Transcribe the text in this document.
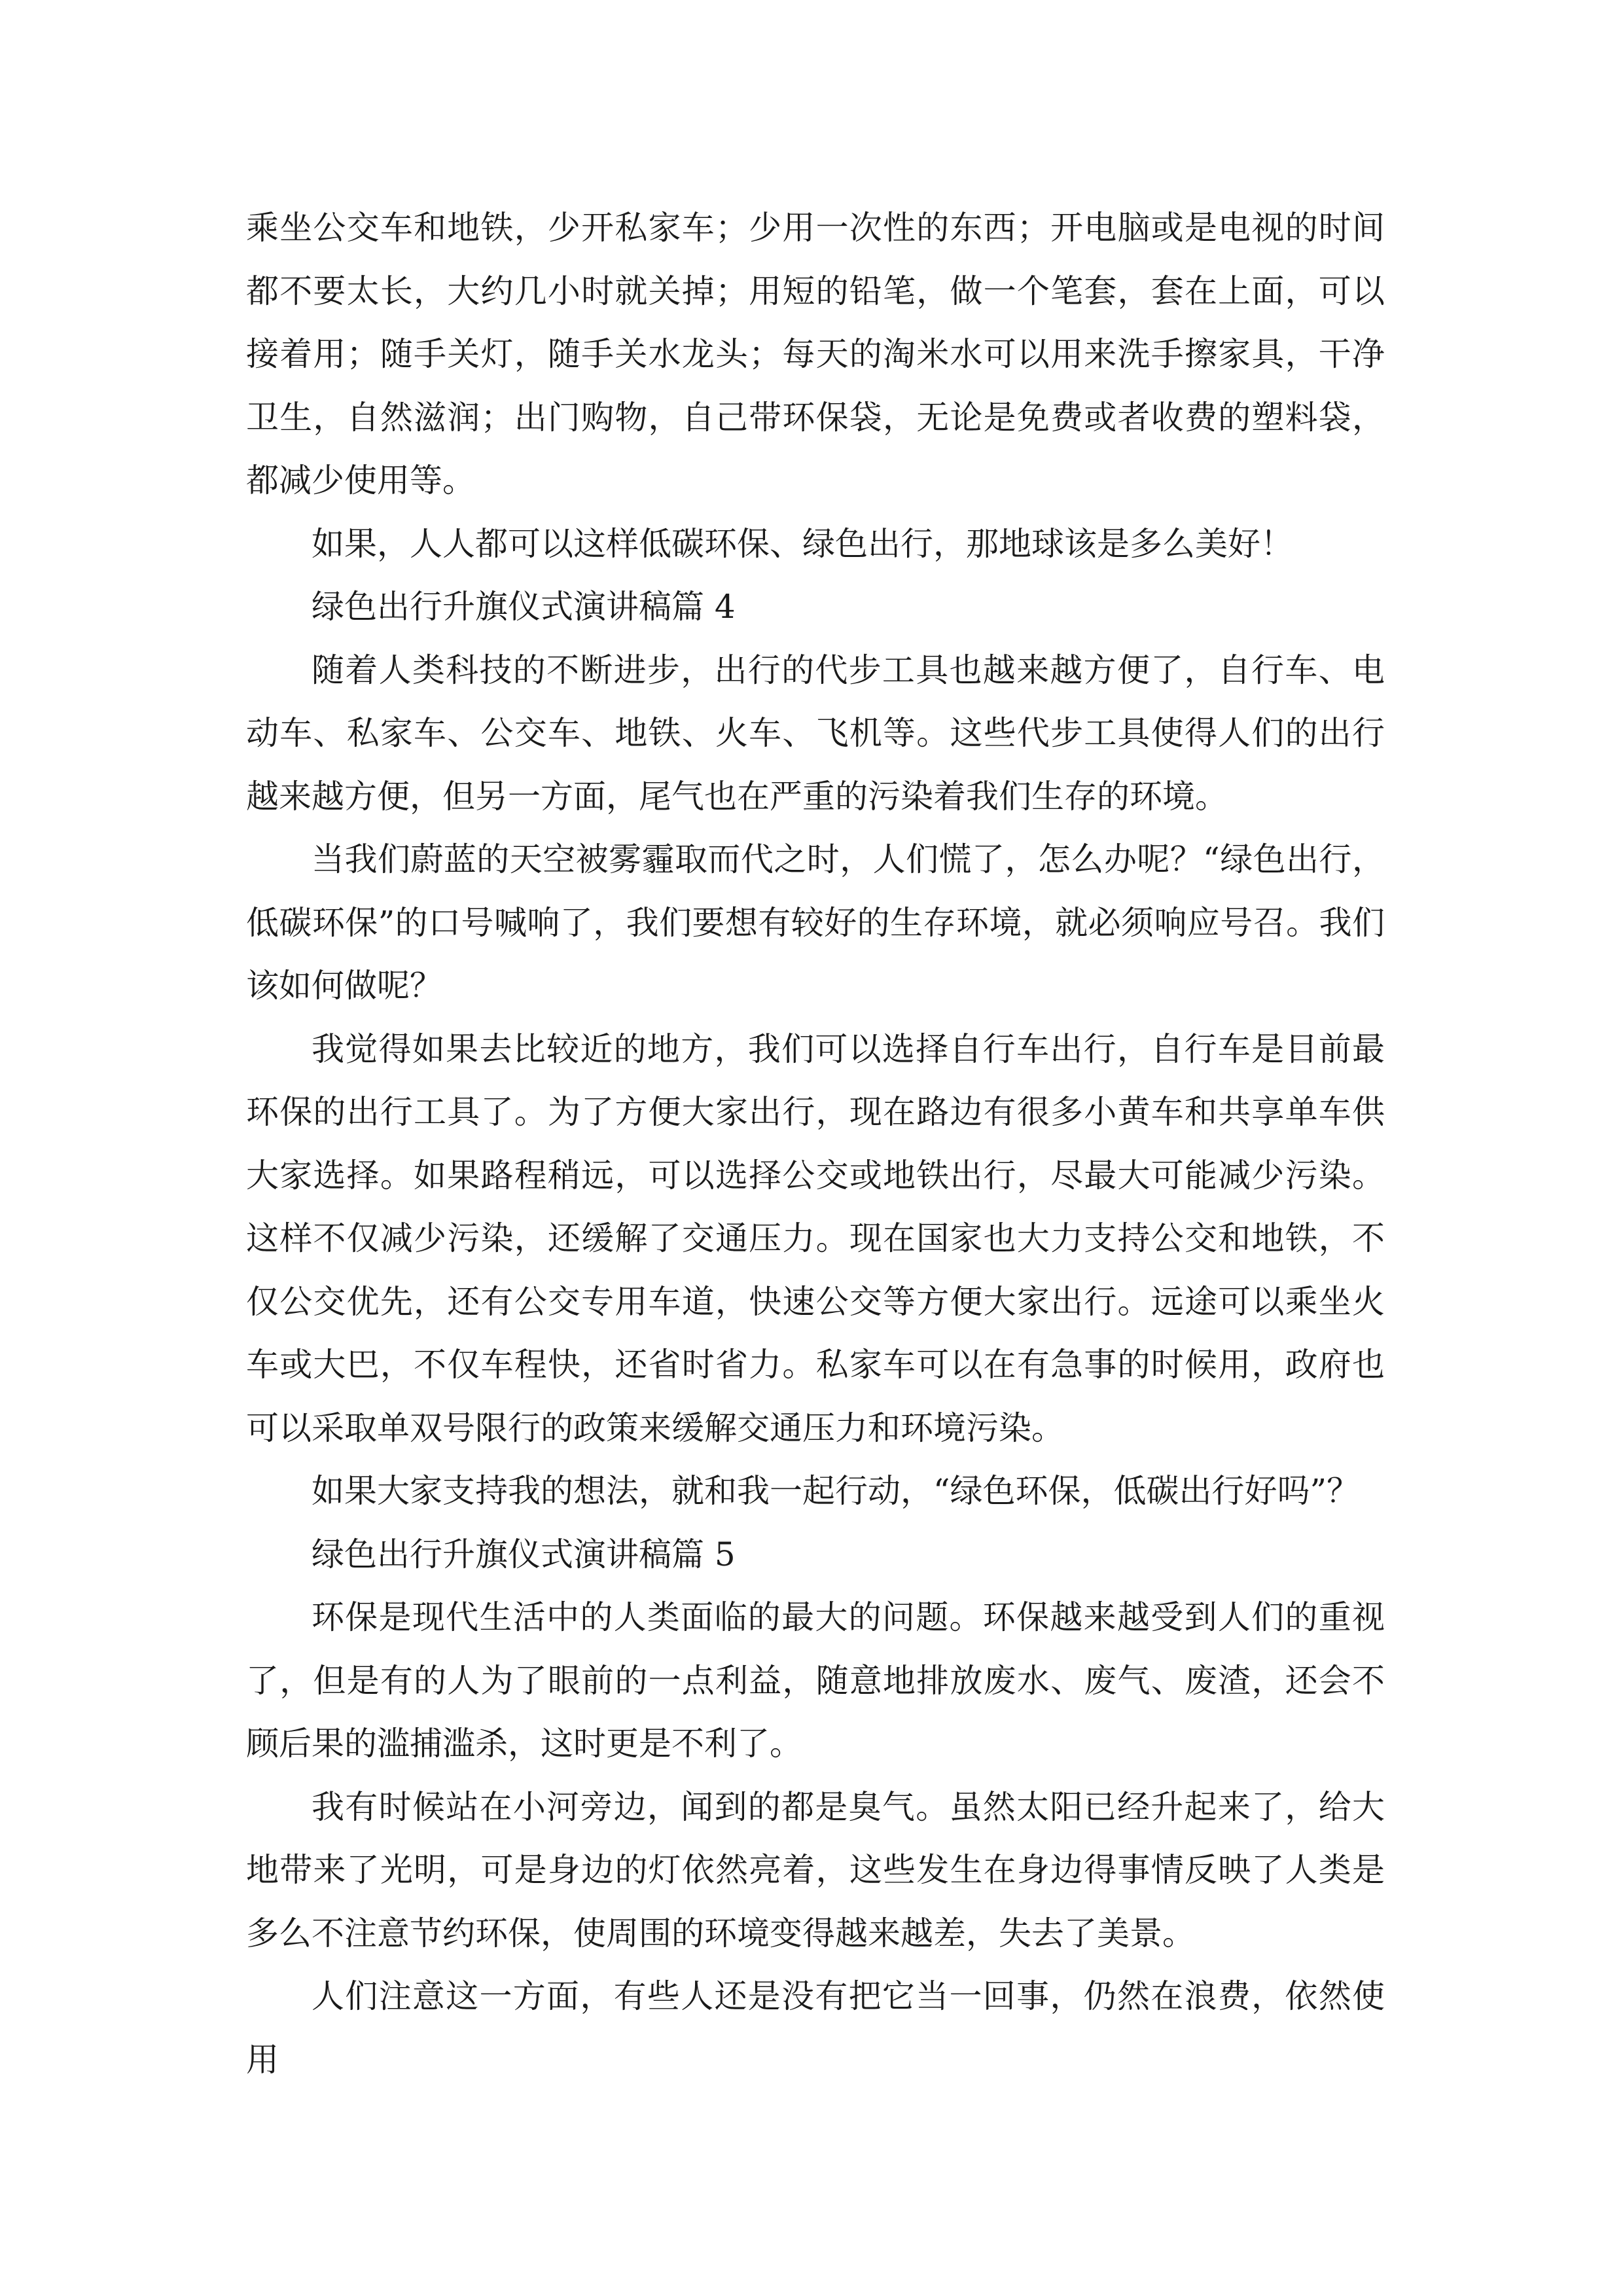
乘坐公交车和地铁，少开私家车；少用一次性的东西；开电脑或是电视的时间都不要太长，大约几小时就关掉；用短的铅笔，做一个笔套，套在上面，可以接着用；随手关灯，随手关水龙头；每天的淘米水可以用来洗手擦家具，干净卫生，自然滋润；出门购物，自己带环保袋，无论是免费或者收费的塑料袋，都减少使用等。

如果，人人都可以这样低碳环保、绿色出行，那地球该是多么美好！

绿色出行升旗仪式演讲稿篇 4

随着人类科技的不断进步，出行的代步工具也越来越方便了，自行车、电动车、私家车、公交车、地铁、火车、飞机等。这些代步工具使得人们的出行越来越方便，但另一方面，尾气也在严重的污染着我们生存的环境。

当我们蔚蓝的天空被雾霾取而代之时，人们慌了，怎么办呢？“绿色出行，低碳环保”的口号喊响了，我们要想有较好的生存环境，就必须响应号召。我们该如何做呢？

我觉得如果去比较近的地方，我们可以选择自行车出行，自行车是目前最环保的出行工具了。为了方便大家出行，现在路边有很多小黄车和共享单车供大家选择。如果路程稍远，可以选择公交或地铁出行，尽最大可能减少污染。这样不仅减少污染，还缓解了交通压力。现在国家也大力支持公交和地铁，不仅公交优先，还有公交专用车道，快速公交等方便大家出行。远途可以乘坐火车或大巴，不仅车程快，还省时省力。私家车可以在有急事的时候用，政府也可以采取单双号限行的政策来缓解交通压力和环境污染。

如果大家支持我的想法，就和我一起行动，“绿色环保，低碳出行好吗”？

绿色出行升旗仪式演讲稿篇 5

环保是现代生活中的人类面临的最大的问题。环保越来越受到人们的重视了，但是有的人为了眼前的一点利益，随意地排放废水、废气、废渣，还会不顾后果的滥捕滥杀，这时更是不利了。

我有时候站在小河旁边，闻到的都是臭气。虽然太阳已经升起来了，给大地带来了光明，可是身边的灯依然亮着，这些发生在身边得事情反映了人类是多么不注意节约环保，使周围的环境变得越来越差，失去了美景。

人们注意这一方面，有些人还是没有把它当一回事，仍然在浪费，依然使用
